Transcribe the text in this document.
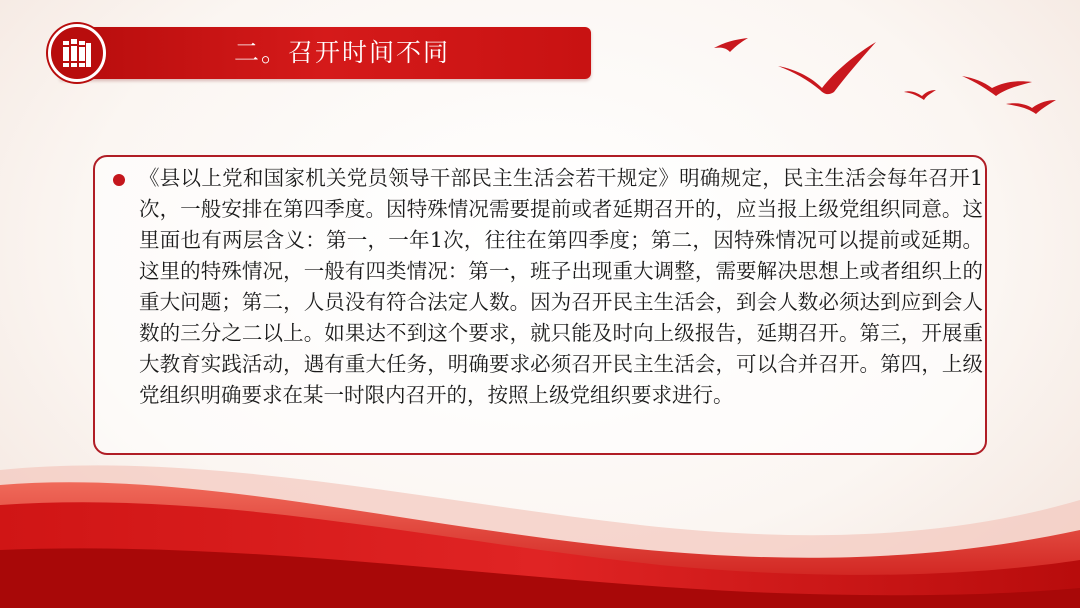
二。召开时间不同

《县以上党和国家机关党员领导干部民主生活会若干规定》明确规定，民主生活会每年召开1次，一般安排在第四季度。因特殊情况需要提前或者延期召开的，应当报上级党组织同意。这里面也有两层含义：第一，一年1次，往往在第四季度；第二，因特殊情况可以提前或延期。这里的特殊情况，一般有四类情况：第一，班子出现重大调整，需要解决思想上或者组织上的重大问题；第二，人员没有符合法定人数。因为召开民主生活会，到会人数必须达到应到会人数的三分之二以上。如果达不到这个要求，就只能及时向上级报告，延期召开。第三，开展重大教育实践活动，遇有重大任务，明确要求必须召开民主生活会，可以合并召开。第四，上级党组织明确要求在某一时限内召开的，按照上级党组织要求进行。
